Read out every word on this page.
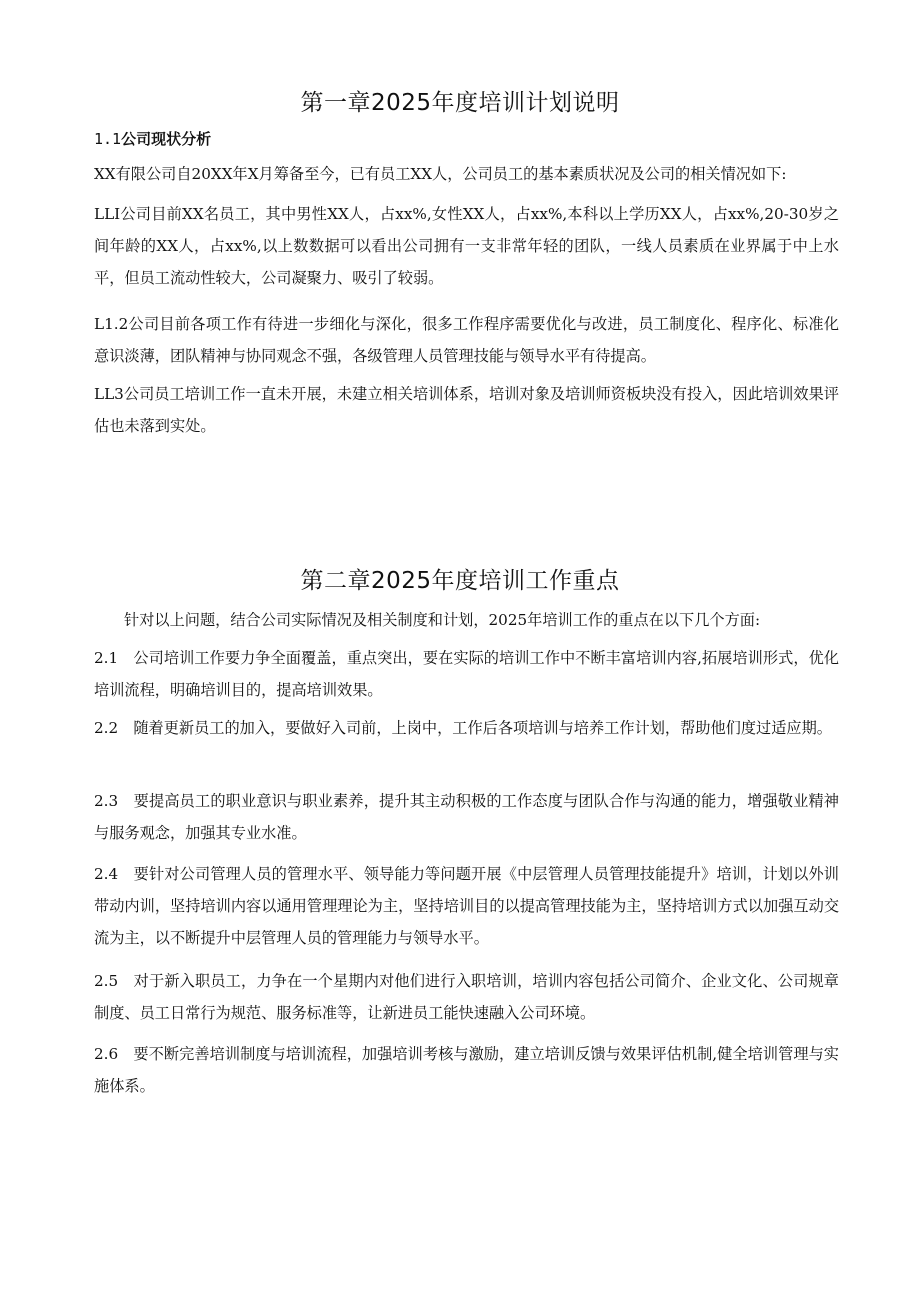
第一章2025年度培训计划说明
1.1公司现状分析

XX有限公司自20XX年X月筹备至今，已有员工XX人，公司员工的基本素质状况及公司的相关情况如下:

LLI公司目前XX名员工，其中男性XX人，占xx%,女性XX人，占xx%,本科以上学历XX人，占xx%,20-30岁之间年龄的XX人，占xx%,以上数数据可以看出公司拥有一支非常年轻的团队，一线人员素质在业界属于中上水平，但员工流动性较大，公司凝聚力、吸引了较弱。

L1.2公司目前各项工作有待进一步细化与深化，很多工作程序需要优化与改进，员工制度化、程序化、标准化意识淡薄，团队精神与协同观念不强，各级管理人员管理技能与领导水平有待提高。

LL3公司员工培训工作一直未开展，未建立相关培训体系，培训对象及培训师资板块没有投入，因此培训效果评估也未落到实处。

第二章2025年度培训工作重点

针对以上问题，结合公司实际情况及相关制度和计划，2025年培训工作的重点在以下几个方面:

2.1　公司培训工作要力争全面覆盖，重点突出，要在实际的培训工作中不断丰富培训内容,拓展培训形式，优化培训流程，明确培训目的，提高培训效果。

2.2　随着更新员工的加入，要做好入司前，上岗中，工作后各项培训与培养工作计划，帮助他们度过适应期。

2.3　要提高员工的职业意识与职业素养，提升其主动积极的工作态度与团队合作与沟通的能力，增强敬业精神与服务观念，加强其专业水准。

2.4　要针对公司管理人员的管理水平、领导能力等问题开展《中层管理人员管理技能提升》培训，计划以外训带动内训，坚持培训内容以通用管理理论为主，坚持培训目的以提高管理技能为主，坚持培训方式以加强互动交流为主，以不断提升中层管理人员的管理能力与领导水平。

2.5　对于新入职员工，力争在一个星期内对他们进行入职培训，培训内容包括公司简介、企业文化、公司规章制度、员工日常行为规范、服务标准等，让新进员工能快速融入公司环境。

2.6　要不断完善培训制度与培训流程，加强培训考核与激励，建立培训反馈与效果评估机制,健全培训管理与实施体系。
